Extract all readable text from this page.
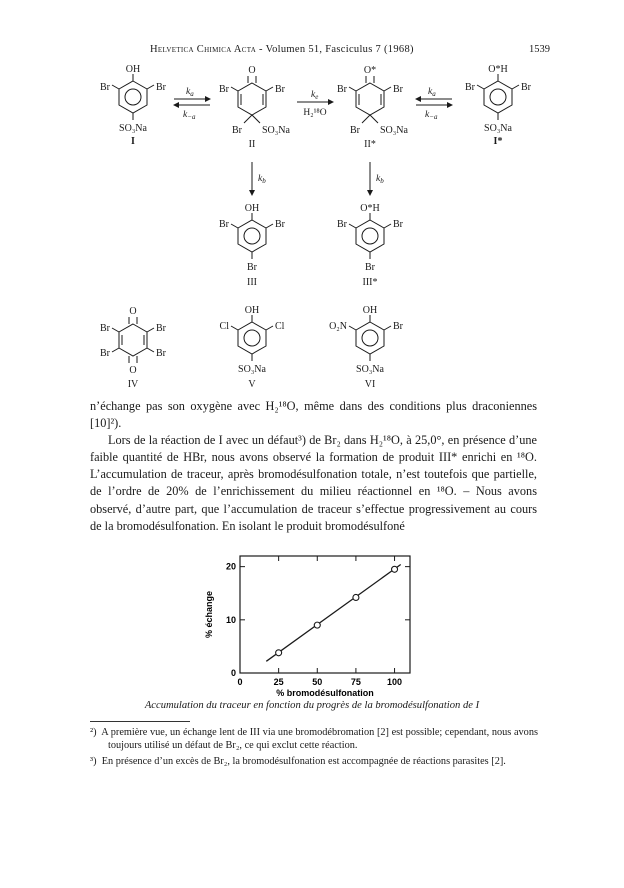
Helvetica Chimica Acta - Volumen 51, Fasciculus 7 (1968)	1539
OH
Br	Br
SO₃Na
I
O
Br	Br
Br SO₃Na
II
O*
Br	Br
Br SO₃Na
II*
O*H
Br	Br
SO₃Na
I*
$k_a$
$k_{-a}$
$k_e$
H₂¹⁸O
$k_a$
$k_{-a}$
$k_b$	$k_b$
OH
Br	Br
Br
III
O*H
Br	Br
Br
III*
O
Br	Br
Br	Br
O
IV
OH
Cl	Cl
SO₃Na
V
OH
O₂N	Br
SO₃Na
VI

n’échange pas son oxygène avec H₂¹⁸O, même dans des conditions plus draconiennes [10]²).

Lors de la réaction de I avec un défaut³) de Br₂ dans H₂¹⁸O, à 25,0°, en présence d’une faible quantité de HBr, nous avons observé la formation de produit III* enrichi en ¹⁸O. L’accumulation de traceur, après bromodésulfonation totale, n’est toutefois que partielle, de l’ordre de 20% de l’enrichissement du milieu réactionnel en ¹⁸O. – Nous avons observé, d’autre part, que l’accumulation de traceur s’effectue progressivement au cours de la bromodésulfonation. En isolant le produit bromodésulfoné

0	25	50	75	100
0
10
20
% bromodésulfonation
% échange
Accumulation du traceur en fonction du progrès de la bromodésulfonation de I

²) A première vue, un échange lent de III via une bromodébromation [2] est possible; cependant, nous avons toujours utilisé un défaut de Br₂, ce qui exclut cette réaction.

³) En présence d’un excès de Br₂, la bromodésulfonation est accompagnée de réactions parasites [2].
